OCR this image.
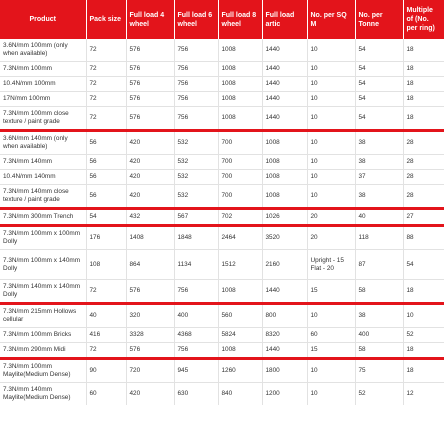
Product	Pack size	Full load 4 wheel	Full load 6 wheel	Full load 8 wheel	Full load artic	No. per SQ M	No. per Tonne	Multiple of (No. per ring)
3.6N/mm 100mm (only when available)	72	576	756	1008	1440	10	54	18
7.3N/mm 100mm	72	576	756	1008	1440	10	54	18
10.4N/mm 100mm	72	576	756	1008	1440	10	54	18
17N/mm 100mm	72	576	756	1008	1440	10	54	18
7.3N/mm 100mm close texture / paint grade	72	576	756	1008	1440	10	54	18
3.6N/mm 140mm (only when available)	56	420	532	700	1008	10	38	28
7.3N/mm 140mm	56	420	532	700	1008	10	38	28
10.4N/mm 140mm	56	420	532	700	1008	10	37	28
7.3N/mm 140mm close texture / paint grade	56	420	532	700	1008	10	38	28
7.3N/mm 300mm Trench	54	432	567	702	1026	20	40	27
7.3N/mm 100mm x 100mm Dolly	176	1408	1848	2464	3520	20	118	88
7.3N/mm 100mm x 140mm Dolly	108	864	1134	1512	2160	Upright - 15 Flat - 20	87	54
7.3N/mm 140mm x 140mm Dolly	72	576	756	1008	1440	15	58	18
7.3N/mm 215mm Hollows cellular	40	320	400	560	800	10	38	10
7.3N/mm 100mm Bricks	416	3328	4368	5824	8320	60	400	52
7.3N/mm 290mm Midi	72	576	756	1008	1440	15	58	18
7.3N/mm 100mm Maylite(Medium Dense)	90	720	945	1260	1800	10	75	18
7.3N/mm 140mm Maylite(Medium Dense)	60	420	630	840	1200	10	52	12
